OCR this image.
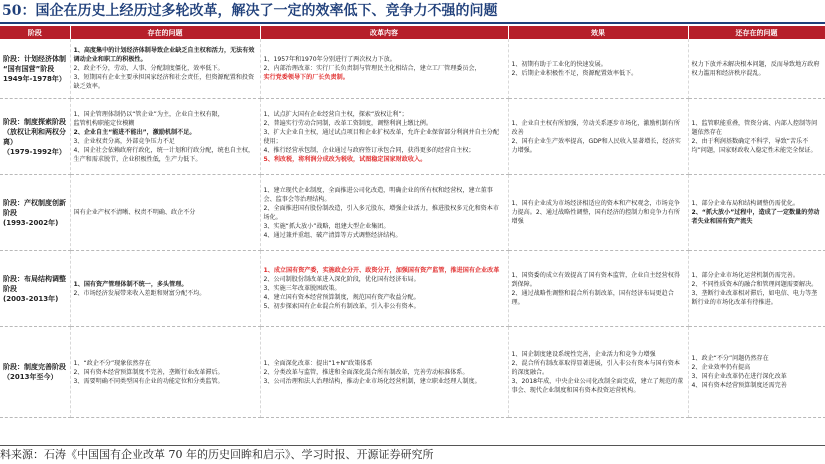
50：国企在历史上经历过多轮改革，解决了一定的效率低下、竞争力不强的问题
阶段	存在的问题	改革内容	效果	还存在的问题

阶段：计划经济体制
“国有国营”阶段
1949年-1978年）	1、高度集中的计划经济体制导致企业缺乏自主权和活力，无法有效调动企业和职工的积极性。
2、政企不分，劳动、人事、分配制度僵化，效率低下。
3、短期国有企业主要承担国家经济和社会责任，但资源配置和投资缺乏效率。	1、1957年和1970年分别进行了两次权力下放。
2、内部治理改革：实行厂长负责制与管理民主化相结合，建立工厂管理委员会，
实行党委领导下的厂长负责制。	1、初期有助于工业化的快速发展。
2、后期企业积极性不足，资源配置效率低下。	权力下放并未解决根本问题，反而导致地方政府权力滥用和经济秩序混乱。

阶段：制度探索阶段
（放权让利和两权分离）
（1979-1992年）	1、国企管理体制仍以“管企业”为主，企业自主权有限，
监管机构职能定位模糊
2、企业自主“能进不能出”，激励机制不足。
3、企业权责分离，外部竞争压力不足
4、国企社会依赖政府行政化，统一计划和行政分配，统也自主权，生产和需求脱节，企业积极性低，生产力低下。	1、试点扩大国有企业经营自主权，探索“放权让利”；
2、普遍实行劳动合同制，改革工资制度，调整利润上缴比例。
3、扩大企业自主权，通过试点项目和企业扩权改革，允许企业保留部分利润并自主分配使用；
4、推行经营承包制，企业通过与政府签订承包合同，获得更多的经营自主权；
5、利改税，将利润分成改为税收，试图稳定国家财政收入。	1、企业自主权有所加强，劳动关系逐步市场化，激励机制有所改善
2、国有企业生产效率提高，GDP和人民收入显著增长，经济实力增强。	1、监管职能重叠，管资分离、内部人控制等问题依然存在
2、由于利润基数确定不科学，导致“苦乐不均”问题，国家财政收入稳定性未能完全保证。

阶段：产权制度创新阶段
(1993-2002年)	国有企业产权不清晰、权责不明确、政企不分	1、建立现代企业制度，全面推进公司化改造，明确企业的所有权和经营权，建立董事会、监事会等治理结构。
2、全面推进国有股份制改造，引入多元股东，增强企业活力，推进股权多元化和资本市场化。
3、实施“抓大放小”战略，组建大型企业集团。
4、通过兼并重组、破产清算等方式调整经济结构。	1、国有企业成为市场经济相适应的资本和产权观念，市场竞争力提高。2、通过战略性调整，国有经济的控制力和竞争力有所增强	1、部分企业布局和结构调整仍需优化。
2、“抓大放小”过程中，造成了一定数量的劳动者失业和国有资产流失

阶段：布局结构调整阶段
(2003-2013年)	1、国有资产管理体制不统一，多头管理。
2、市场经济发展带来收入差距和财富分配不均。	1、成立国有资产委，实施政企分开、政资分开，加强国有资产监管，推进国有企业改革
2、公司制股份制改革进入深化阶段，优化国有经济布局。
3、实施三年改革脱困政策。
4、建立国有资本经营预算制度，规范国有资产收益分配。
5、初步探索国有企业混合所有制改革，引入非公有资本。	1、国资委的成立有效提高了国有资本监管，企业自主经营权得到保障。
2、通过战略性调整和混合所有制改革，国有经济布局更趋合理。	1、部分企业市场化运营机制仍需完善。
2、不同性质资本的融合和管理问题需要解决。
3、垄断行业改革相对滞后，如电信、电力等垄断行业的市场化改革有待推进。

阶段：制度完善阶段
（2013年至今）	1、“政企不分”现象依然存在
2、国有资本经营预算制度不完善，垄断行业改革滞后。
3、需要明确不同类型国有企业的功能定位和分类监管。	1、全面深化改革：提出“1+N”政策体系
2、分类改革与监管，推进和全面深化混合所有制改革，完善劳动标准体系。
3、公司治理和法人治理结构，推动企业市场化经营机制，建立职业经理人制度。	1、国企制度建设系统性完善，企业活力和竞争力增强
2、混合所有制改革取得显著进展，引入非公有资本与国有资本的深度融合。
3、2018年成，中央企业公司化改制全面完成，建立了规范的董事会、现代企业制度和国有资本投资运营机构。	1、政企“不分”问题仍然存在
2、企业效率仍有提高
3、国有企业改革仍在进行深化改革
4、国有资本经营预算制度还需完善
料来源：石涛《中国国有企业改革 70 年的历史回眸和启示》、学习时报、开源证券研究所
